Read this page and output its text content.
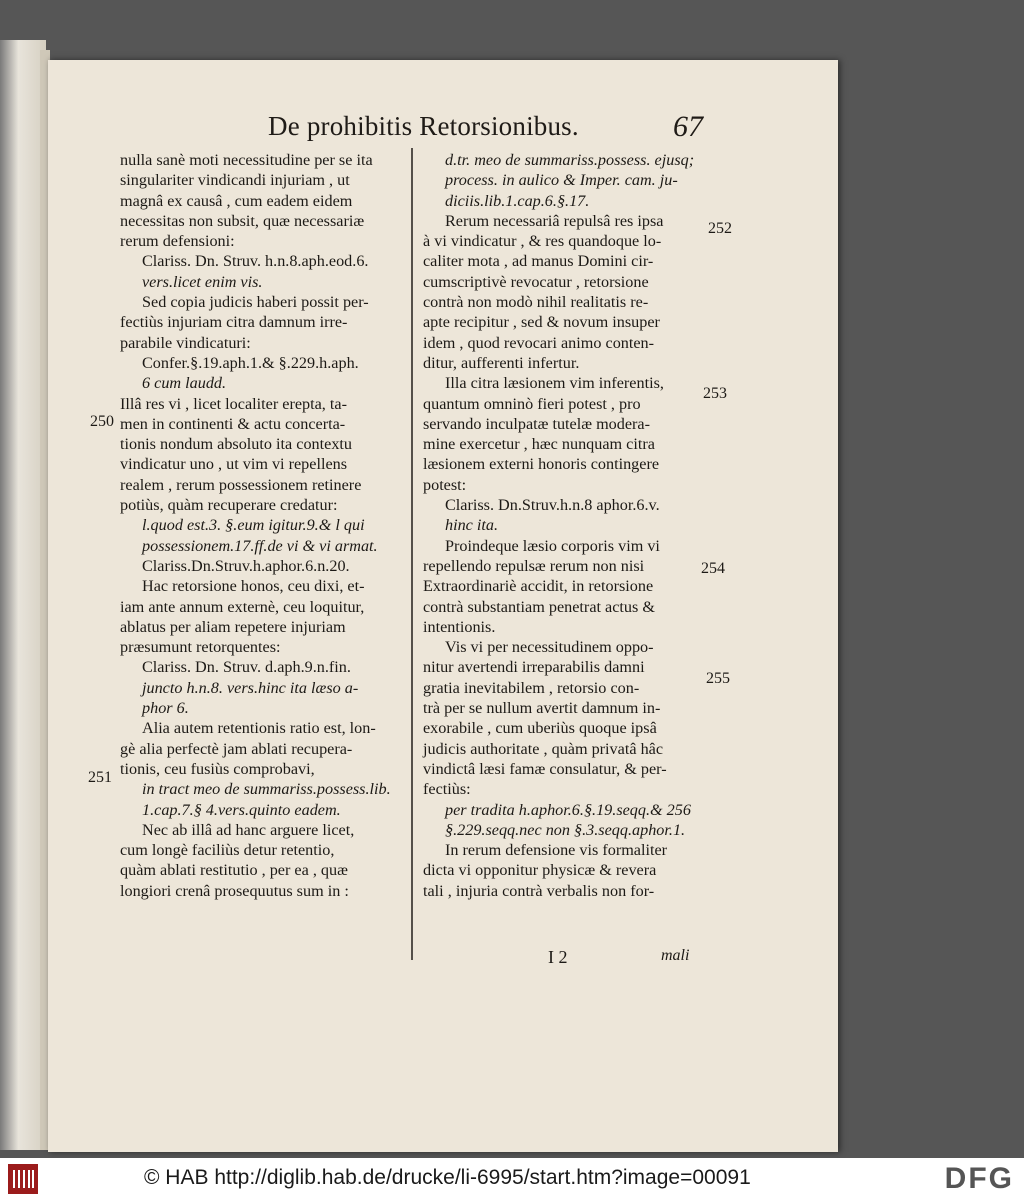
De prohibitis Retorsionibus.	67
nulla sanè moti necessitudine per se ita
singulariter vindicandi injuriam , ut
magnâ ex causâ , cum eadem eidem
necessitas non subsit, quæ necessariæ
rerum defensioni:
Clariss. Dn. Struv. h.n.8.aph.eod.6.
vers.licet enim vis.
Sed copia judicis haberi possit per-
fectiùs injuriam citra damnum irre-
parabile vindicaturi:
Confer.§.19.aph.1.& §.229.h.aph.
6 cum laudd.
Illâ res vi , licet localiter erepta, ta-
men in continenti & actu concerta-
tionis nondum absoluto ita contextu
vindicatur uno , ut vim vi repellens
realem , rerum possessionem retinere
potiùs, quàm recuperare credatur:
l.quod est.3. §.eum igitur.9.& l qui
possessionem.17.ff.de vi & vi armat.
Clariss.Dn.Struv.h.aphor.6.n.20.
Hac retorsione honos, ceu dixi, et-
iam ante annum externè, ceu loquitur,
ablatus per aliam repetere injuriam
præsumunt retorquentes:
Clariss. Dn. Struv. d.aph.9.n.fin.
juncto h.n.8. vers.hinc ita læso a-
phor 6.
Alia autem retentionis ratio est, lon-
gè alia perfectè jam ablati recupera-
tionis, ceu fusiùs comprobavi,
in tract meo de summariss.possess.lib.
1.cap.7.§ 4.vers.quinto eadem.
Nec ab illâ ad hanc arguere licet,
cum longè faciliùs detur retentio,
quàm ablati restitutio , per ea , quæ
longiori crenâ prosequutus sum in :
d.tr. meo de summariss.possess. ejusq;
process. in aulico & Imper. cam. ju-
diciis.lib.1.cap.6.§.17.
Rerum necessariâ repulsâ res ipsa
à vi vindicatur , & res quandoque lo-
caliter mota , ad manus Domini cir-
cumscriptivè revocatur , retorsione
contrà non modò nihil realitatis re-
apte recipitur , sed & novum insuper
idem , quod revocari animo conten-
ditur, aufferenti infertur.
Illa citra læsionem vim inferentis,
quantum omninò fieri potest , pro
servando inculpatæ tutelæ modera-
mine exercetur , hæc nunquam citra
læsionem externi honoris contingere
potest:
Clariss. Dn.Struv.h.n.8 aphor.6.v.
hinc ita.
Proindeque læsio corporis vim vi
repellendo repulsæ rerum non nisi
Extraordinariè accidit, in retorsione
contrà substantiam penetrat actus &
intentionis.
Vis vi per necessitudinem oppo-
nitur avertendi irreparabilis damni
gratia inevitabilem , retorsio con-
trà per se nullum avertit damnum in-
exorabile , cum uberiùs quoque ipsâ
judicis authoritate , quàm privatâ hâc
vindictâ læsi famæ consulatur, & per-
fectiùs:
per tradita h.aphor.6.§.19.seqq.& 256
§.229.seqq.nec non §.3.seqq.aphor.1.
In rerum defensione vis formaliter
dicta vi opponitur physicæ & revera
tali , injuria contrà verbalis non for-
250
251
252
253
254
255
I 2	mali
© HAB http://diglib.hab.de/drucke/li-6995/start.htm?image=00091	DFG
